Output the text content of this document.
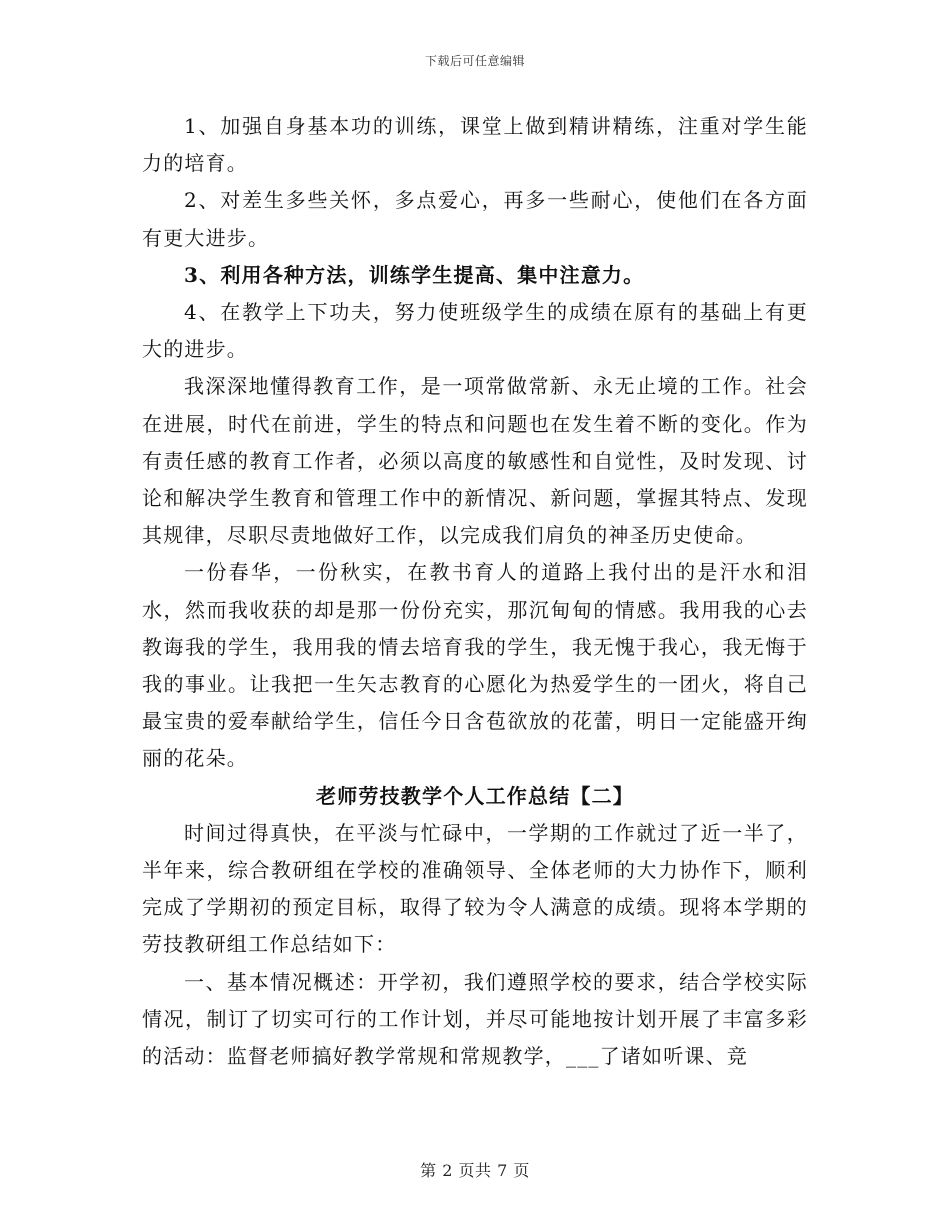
下载后可任意编辑

1、加强自身基本功的训练，课堂上做到精讲精练，注重对学生能力的培育。

2、对差生多些关怀，多点爱心，再多一些耐心，使他们在各方面有更大进步。

3、利用各种方法，训练学生提高、集中注意力。

4、在教学上下功夫，努力使班级学生的成绩在原有的基础上有更大的进步。

我深深地懂得教育工作，是一项常做常新、永无止境的工作。社会在进展，时代在前进，学生的特点和问题也在发生着不断的变化。作为有责任感的教育工作者，必须以高度的敏感性和自觉性，及时发现、讨论和解决学生教育和管理工作中的新情况、新问题，掌握其特点、发现其规律，尽职尽责地做好工作，以完成我们肩负的神圣历史使命。

一份春华，一份秋实，在教书育人的道路上我付出的是汗水和泪水，然而我收获的却是那一份份充实，那沉甸甸的情感。我用我的心去教诲我的学生，我用我的情去培育我的学生，我无愧于我心，我无悔于我的事业。让我把一生矢志教育的心愿化为热爱学生的一团火，将自己最宝贵的爱奉献给学生，信任今日含苞欲放的花蕾，明日一定能盛开绚丽的花朵。

老师劳技教学个人工作总结【二】

时间过得真快，在平淡与忙碌中，一学期的工作就过了近一半了，半年来，综合教研组在学校的准确领导、全体老师的大力协作下，顺利完成了学期初的预定目标，取得了较为令人满意的成绩。现将本学期的劳技教研组工作总结如下：

一、基本情况概述：开学初，我们遵照学校的要求，结合学校实际情况，制订了切实可行的工作计划，并尽可能地按计划开展了丰富多彩的活动：监督老师搞好教学常规和常规教学，___了诸如听课、竞

第 2 页共 7 页
